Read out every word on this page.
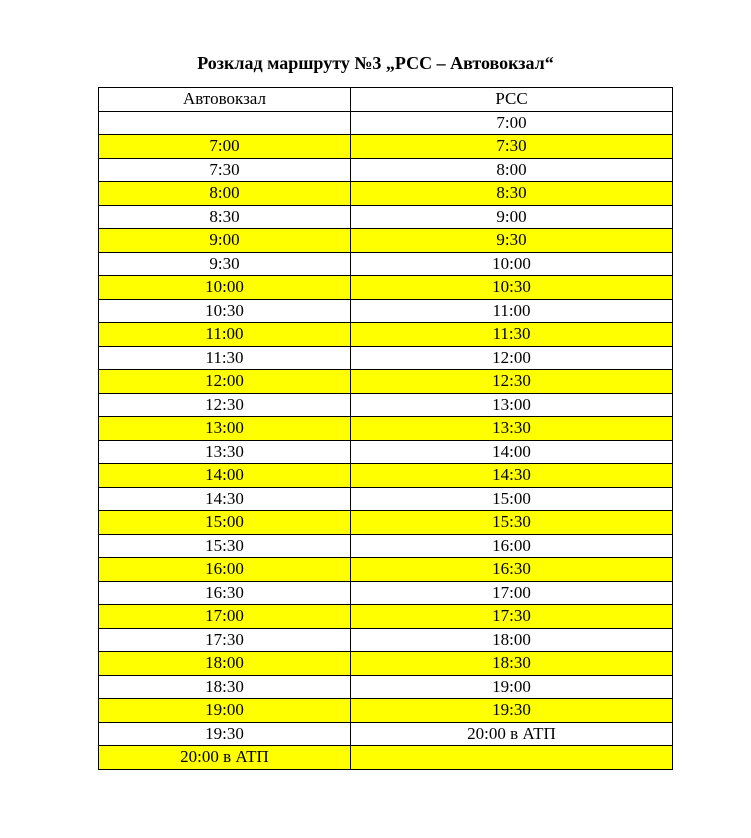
Розклад маршруту №3 „РСС – Автовокзал“
Автовокзал	РСС
	7:00
7:00	7:30
7:30	8:00
8:00	8:30
8:30	9:00
9:00	9:30
9:30	10:00
10:00	10:30
10:30	11:00
11:00	11:30
11:30	12:00
12:00	12:30
12:30	13:00
13:00	13:30
13:30	14:00
14:00	14:30
14:30	15:00
15:00	15:30
15:30	16:00
16:00	16:30
16:30	17:00
17:00	17:30
17:30	18:00
18:00	18:30
18:30	19:00
19:00	19:30
19:30	20:00 в АТП
20:00 в АТП	
